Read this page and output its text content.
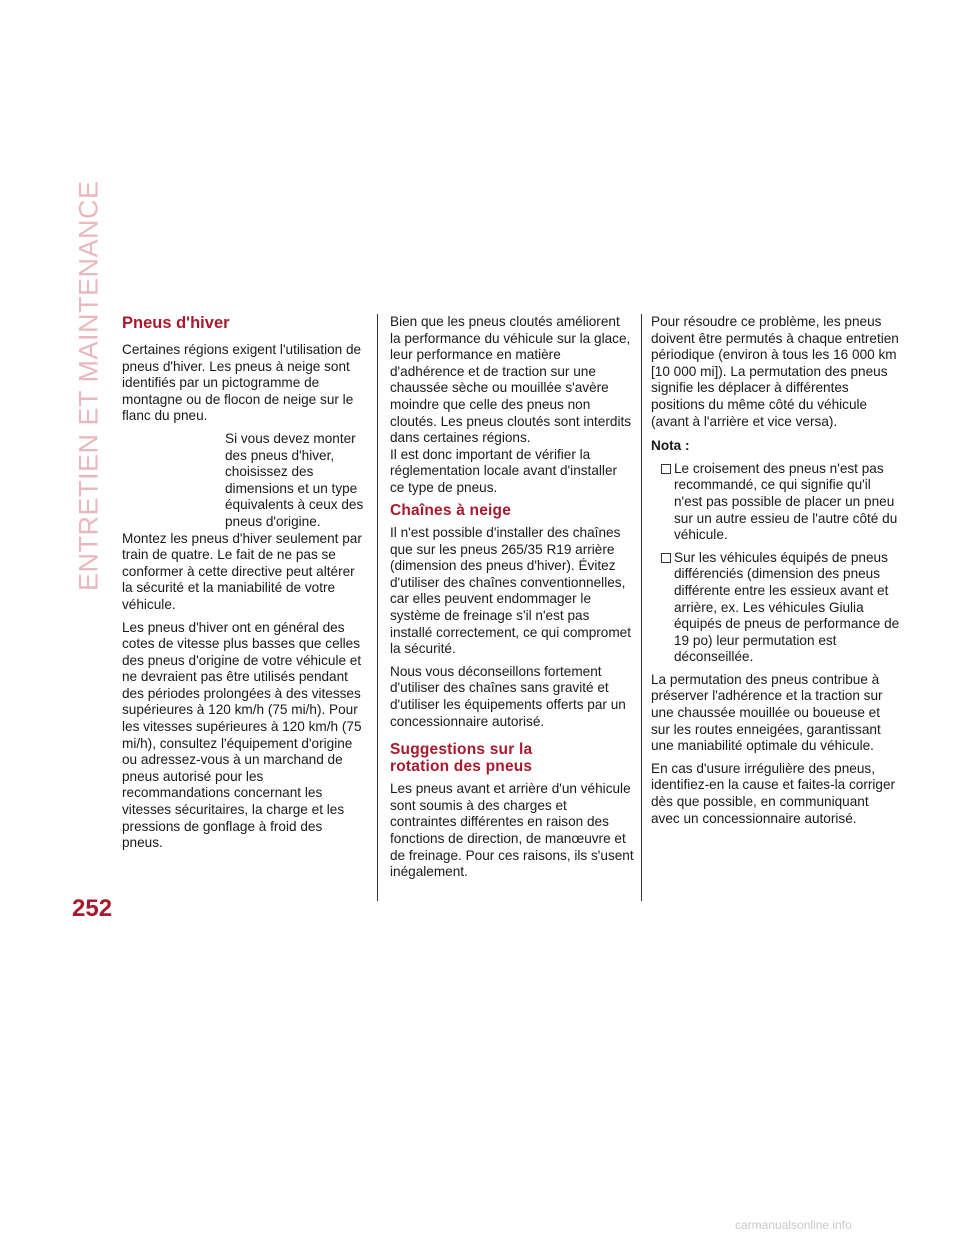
ENTRETIEN ET MAINTENANCE
252
Pneus d'hiver

Certaines régions exigent l'utilisation de pneus d'hiver. Les pneus à neige sont identifiés par un pictogramme de montagne ou de flocon de neige sur le flanc du pneu.

Si vous devez monter des pneus d'hiver, choisissez des dimensions et un type équivalents à ceux des pneus d'origine.

Montez les pneus d'hiver seulement par train de quatre. Le fait de ne pas se conformer à cette directive peut altérer la sécurité et la maniabilité de votre véhicule.

Les pneus d'hiver ont en général des cotes de vitesse plus basses que celles des pneus d'origine de votre véhicule et ne devraient pas être utilisés pendant des périodes prolongées à des vitesses supérieures à 120 km/h (75 mi/h). Pour les vitesses supérieures à 120 km/h (75 mi/h), consultez l'équipement d'origine ou adressez-vous à un marchand de pneus autorisé pour les recommandations concernant les vitesses sécuritaires, la charge et les pressions de gonflage à froid des pneus.

Bien que les pneus cloutés améliorent la performance du véhicule sur la glace, leur performance en matière d'adhérence et de traction sur une chaussée sèche ou mouillée s'avère moindre que celle des pneus non cloutés. Les pneus cloutés sont interdits dans certaines régions.

Il est donc important de vérifier la réglementation locale avant d'installer ce type de pneus.

Chaînes à neige

Il n'est possible d'installer des chaînes que sur les pneus 265/35 R19 arrière (dimension des pneus d'hiver). Évitez d'utiliser des chaînes conventionnelles, car elles peuvent endommager le système de freinage s'il n'est pas installé correctement, ce qui compromet la sécurité.

Nous vous déconseillons fortement d'utiliser des chaînes sans gravité et d'utiliser les équipements offerts par un concessionnaire autorisé.

Suggestions sur la
rotation des pneus

Les pneus avant et arrière d'un véhicule sont soumis à des charges et contraintes différentes en raison des fonctions de direction, de manœuvre et de freinage. Pour ces raisons, ils s'usent inégalement.

Pour résoudre ce problème, les pneus doivent être permutés à chaque entretien périodique (environ à tous les 16 000 km [10 000 mi]). La permutation des pneus signifie les déplacer à différentes positions du même côté du véhicule (avant à l'arrière et vice versa).

Nota :

Le croisement des pneus n'est pas recommandé, ce qui signifie qu'il n'est pas possible de placer un pneu sur un autre essieu de l'autre côté du véhicule.
Sur les véhicules équipés de pneus différenciés (dimension des pneus différente entre les essieux avant et arrière, ex. Les véhicules Giulia équipés de pneus de performance de 19 po) leur permutation est déconseillée.

La permutation des pneus contribue à préserver l'adhérence et la traction sur une chaussée mouillée ou boueuse et sur les routes enneigées, garantissant une maniabilité optimale du véhicule.

En cas d'usure irrégulière des pneus, identifiez-en la cause et faites-la corriger dès que possible, en communiquant avec un concessionnaire autorisé.

carmanualsonline.info
